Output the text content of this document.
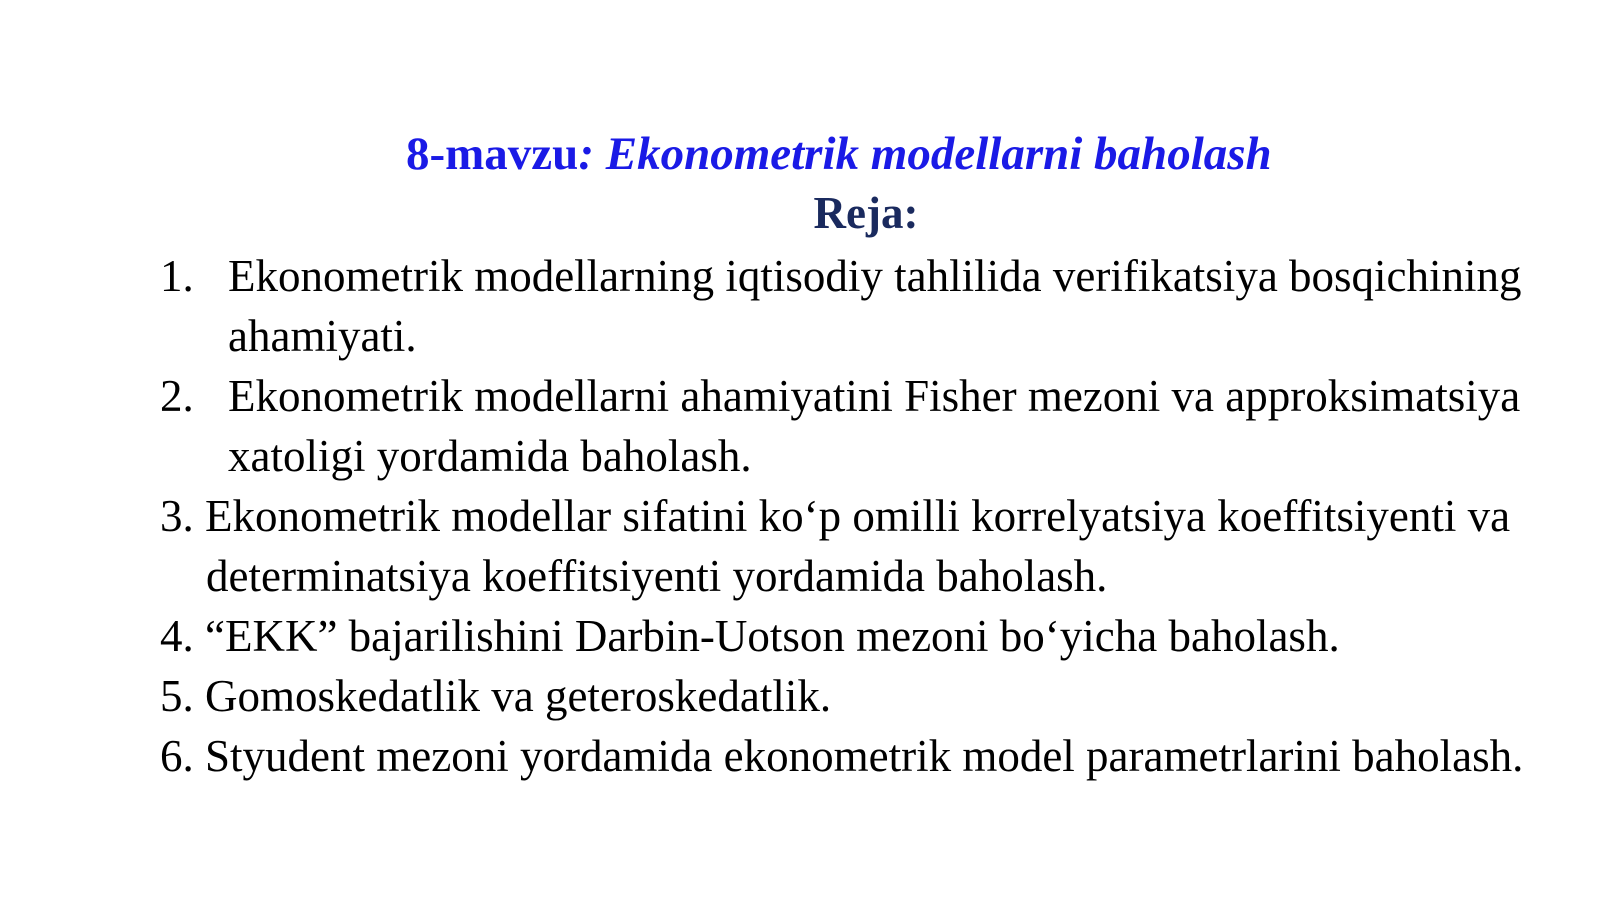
8-mavzu: Ekonometrik modellarni baholash
Reja:
1. Ekonometrik modellarning iqtisodiy tahlilida verifikatsiya bosqichining ahamiyati.
2. Ekonometrik modellarni ahamiyatini Fisher mezoni va approksimatsiya xatoligi yordamida baholash.
3. Ekonometrik modellar sifatini ko‘p omilli korrelyatsiya koeffitsiyenti va determinatsiya koeffitsiyenti yordamida baholash.
4. “EKK” bajarilishini Darbin-Uotson mezoni bo‘yicha baholash.
5. Gomoskedatlik va geteroskedatlik.
6. Styudent mezoni yordamida ekonometrik model parametrlarini baholash.
